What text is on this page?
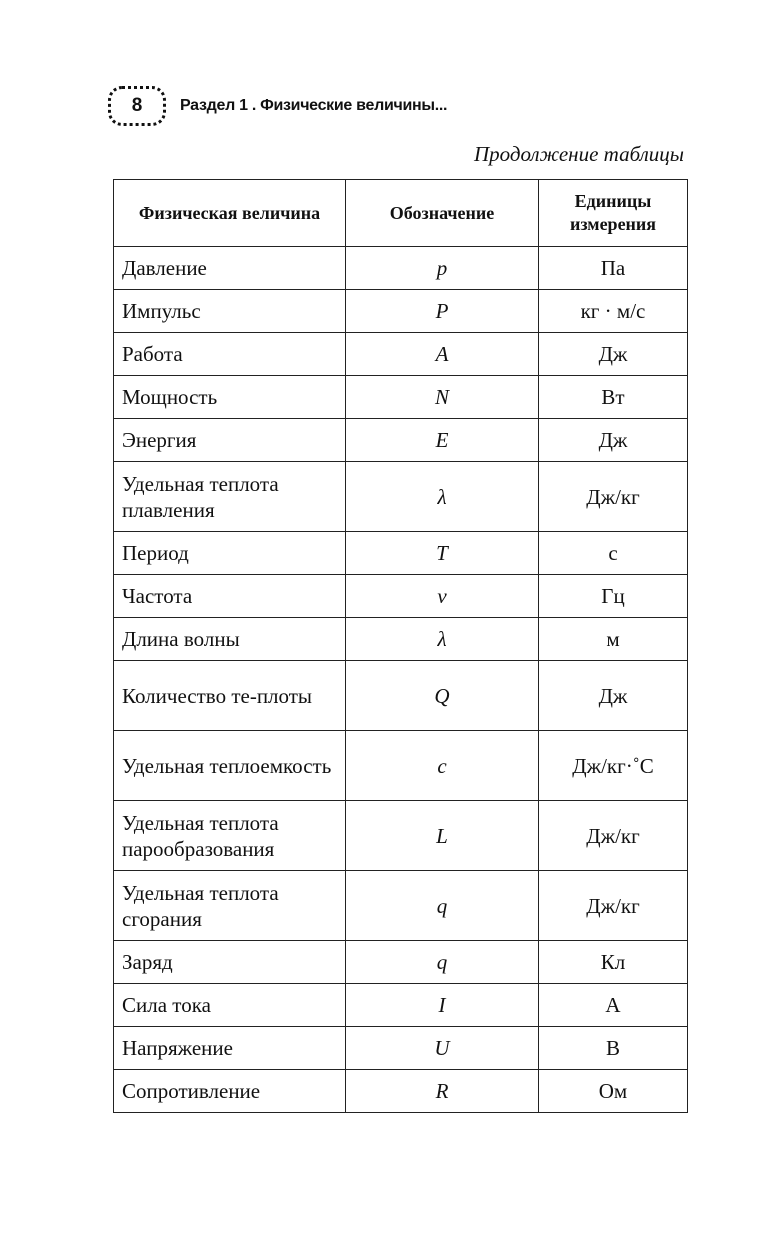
8	Раздел 1 . Физические величины...
Продолжение таблицы
Физическая величина	Обозначение	Единицы измерения
Давление	p	Па
Импульс	P	кг · м/с
Работа	A	Дж
Мощность	N	Вт
Энергия	E	Дж
Удельная теплота плавления	λ	Дж/кг
Период	T	с
Частота	ν	Гц
Длина волны	λ	м
Количество те-плоты	Q	Дж
Удельная теплоемкость	c	Дж/кг·˚С
Удельная теплота парообразования	L	Дж/кг
Удельная теплота сгорания	q	Дж/кг
Заряд	q	Кл
Сила тока	I	А
Напряжение	U	В
Сопротивление	R	Ом
